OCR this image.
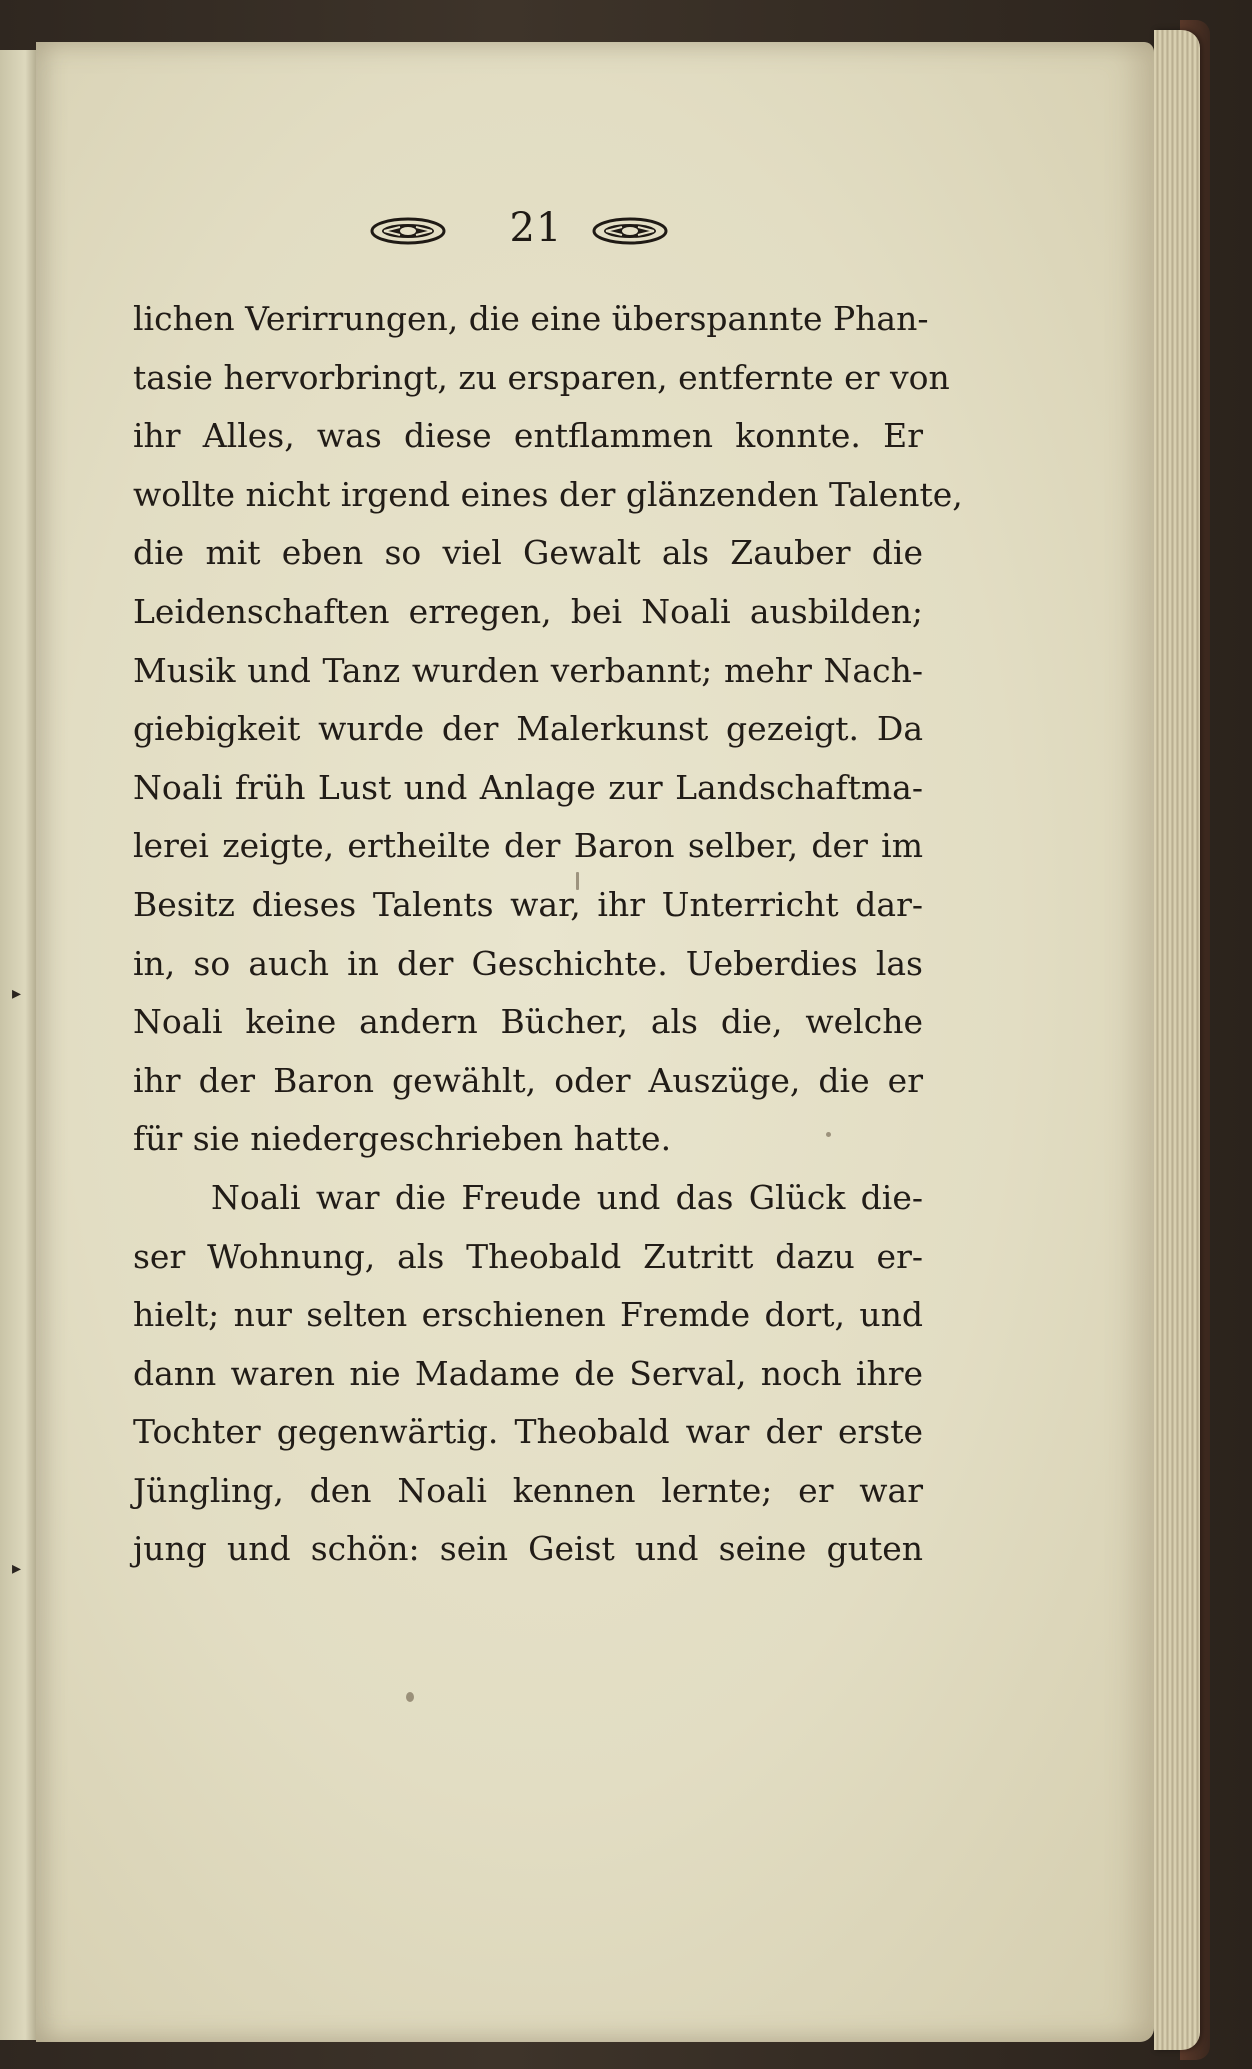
▸
▸
21
lichen Verirrungen, die eine überspannte Phan-
tasie hervorbringt, zu ersparen, entfernte er von
ihr Alles, was diese entflammen konnte. Er
wollte nicht irgend eines der glänzenden Talente,
die mit eben so viel Gewalt als Zauber die
Leidenschaften erregen, bei Noali ausbilden;
Musik und Tanz wurden verbannt; mehr Nach-
giebigkeit wurde der Malerkunst gezeigt. Da
Noali früh Lust und Anlage zur Landschaftma-
lerei zeigte, ertheilte der Baron selber, der im
Besitz dieses Talents war, ihr Unterricht dar-
in, so auch in der Geschichte. Ueberdies las
Noali keine andern Bücher, als die, welche
ihr der Baron gewählt, oder Auszüge, die er
für sie niedergeschrieben hatte.
Noali war die Freude und das Glück die-
ser Wohnung, als Theobald Zutritt dazu er-
hielt; nur selten erschienen Fremde dort, und
dann waren nie Madame de Serval, noch ihre
Tochter gegenwärtig. Theobald war der erste
Jüngling, den Noali kennen lernte; er war
jung und schön: sein Geist und seine guten
